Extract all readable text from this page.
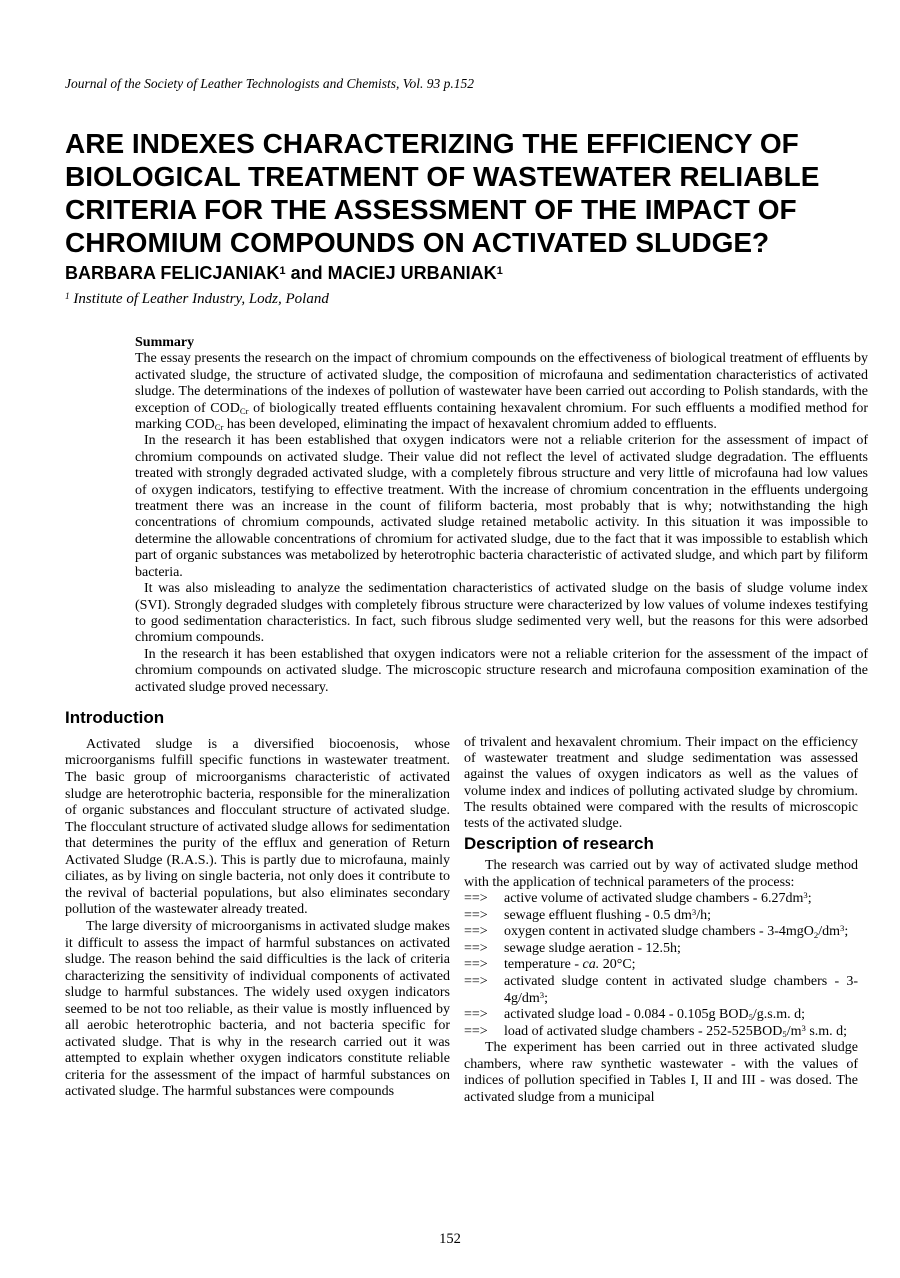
Journal of the Society of Leather Technologists and Chemists, Vol. 93 p.152
ARE INDEXES CHARACTERIZING THE EFFICIENCY OF BIOLOGICAL TREATMENT OF WASTEWATER RELIABLE CRITERIA FOR THE ASSESSMENT OF THE IMPACT OF CHROMIUM COMPOUNDS ON ACTIVATED SLUDGE?
BARBARA FELICJANIAK$^1$ and MACIEJ URBANIAK$^1$
$^1$ Institute of Leather Industry, Lodz, Poland
Summary

The essay presents the research on the impact of chromium compounds on the effectiveness of biological treatment of effluents by activated sludge, the structure of activated sludge, the composition of microfauna and sedimentation characteristics of activated sludge. The determinations of the indexes of pollution of wastewater have been carried out according to Polish standards, with the exception of $COD_{Cr}$ of biologically treated effluents containing hexavalent chromium. For such effluents a modified method for marking $COD_{Cr}$ has been developed, eliminating the impact of hexavalent chromium added to effluents.

In the research it has been established that oxygen indicators were not a reliable criterion for the assessment of impact of chromium compounds on activated sludge. Their value did not reflect the level of activated sludge degradation. The effluents treated with strongly degraded activated sludge, with a completely fibrous structure and very little of microfauna had low values of oxygen indicators, testifying to effective treatment. With the increase of chromium concentration in the effluents undergoing treatment there was an increase in the count of filiform bacteria, most probably that is why; notwithstanding the high concentrations of chromium compounds, activated sludge retained metabolic activity. In this situation it was impossible to determine the allowable concentrations of chromium for activated sludge, due to the fact that it was impossible to establish which part of organic substances was metabolized by heterotrophic bacteria characteristic of activated sludge, and which part by filiform bacteria.

It was also misleading to analyze the sedimentation characteristics of activated sludge on the basis of sludge volume index (SVI). Strongly degraded sludges with completely fibrous structure were characterized by low values of volume indexes testifying to good sedimentation characteristics. In fact, such fibrous sludge sedimented very well, but the reasons for this were adsorbed chromium compounds.

In the research it has been established that oxygen indicators were not a reliable criterion for the assessment of the impact of chromium compounds on activated sludge. The microscopic structure research and microfauna composition examination of the activated sludge proved necessary.

Introduction

Activated sludge is a diversified biocoenosis, whose microorganisms fulfill specific functions in wastewater treatment. The basic group of microorganisms characteristic of activated sludge are heterotrophic bacteria, responsible for the mineralization of organic substances and flocculant structure of activated sludge. The flocculant structure of activated sludge allows for sedimentation that determines the purity of the efflux and generation of Return Activated Sludge (R.A.S.). This is partly due to microfauna, mainly ciliates, as by living on single bacteria, not only does it contribute to the revival of bacterial populations, but also eliminates secondary pollution of the wastewater already treated.

The large diversity of microorganisms in activated sludge makes it difficult to assess the impact of harmful substances on activated sludge. The reason behind the said difficulties is the lack of criteria characterizing the sensitivity of individual components of activated sludge to harmful substances. The widely used oxygen indicators seemed to be not too reliable, as their value is mostly influenced by all aerobic heterotrophic bacteria, and not bacteria specific for activated sludge. That is why in the research carried out it was attempted to explain whether oxygen indicators constitute reliable criteria for the assessment of the impact of harmful substances on activated sludge. The harmful substances were compounds

of trivalent and hexavalent chromium. Their impact on the efficiency of wastewater treatment and sludge sedimentation was assessed against the values of oxygen indicators as well as the values of volume index and indices of polluting activated sludge by chromium. The results obtained were compared with the results of microscopic tests of the activated sludge.

Description of research

The research was carried out by way of activated sludge method with the application of technical parameters of the process:

==> active volume of activated sludge chambers - $6.27dm^3$;
==> sewage effluent flushing - 0.5 $dm^3/h$;
==> oxygen content in activated sludge chambers - $3-4mgO_2/dm^3$;
==> sewage sludge aeration - 12.5h;
==> temperature - ca. 20°C;
==> activated sludge content in activated sludge chambers - $3-4g/dm^3$;
==> activated sludge load - 0.084 - 0.105g $BOD_5/g.s.m$. d;
==> load of activated sludge chambers - $252-525BOD_5/m^3$ s.m. d;

The experiment has been carried out in three activated sludge chambers, where raw synthetic wastewater - with the values of indices of pollution specified in Tables I, II and III - was dosed. The activated sludge from a municipal

152
